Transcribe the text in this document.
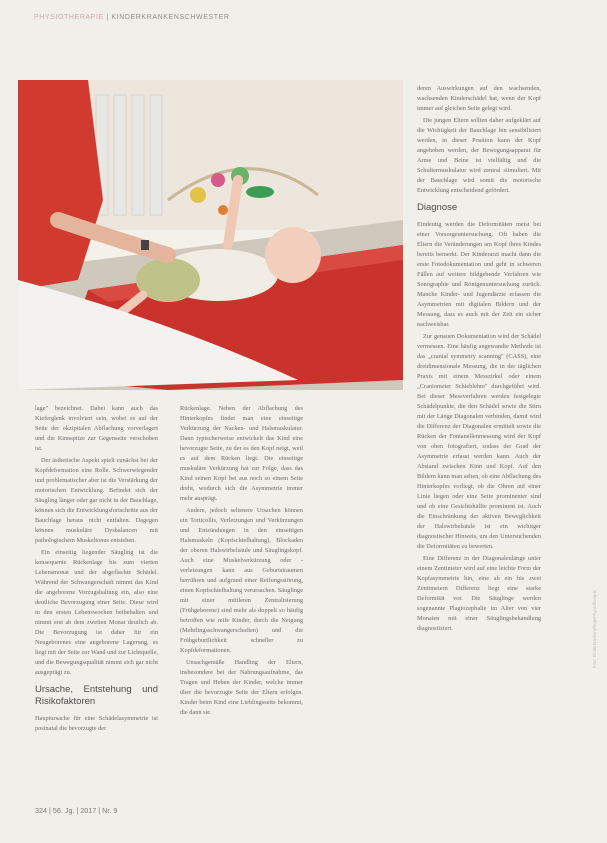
PHYSIOTHERAPIE | KINDERKRANKENSCHWESTER

lage" bezeichnet. Dabei kann auch das Kieferglenk involviert sein, wobei es auf der Seite der okzipitalen Abflachung vorverlagert und die Kinnspitze zur Gegenseite verschoben ist.

Der ästhetische Aspekt spielt zunächst bei der Kopfdeformation eine Rolle. Schwerwiegender und problematischer aber ist die Verstärkung der motorischen Entwicklung. Befindet sich der Säugling länger oder gar nicht in der Bauchlage, können sich die Entwicklungsfortschritte aus der Bauchlage heraus nicht entfalten. Dagegen können muskuläre Dysbalancen mit pathologischem Muskeltonus entstehen.

Ein einseitig liegender Säugling ist die konsequente Rückenlage bis zum vierten Lebensmonat und der abgeflachte Schädel. Während der Schwangerschaft nimmt das Kind die angeborene Vorzugshaltung ein, also eine deutliche Bevorzugung einer Seite. Diese wird in den ersten Lebenswochen beibehalten und nimmt erst ab dem zweiten Monat deutlich ab. Die Bevorzugung ist daher für ein Neugeborenes eine angeborene Lagerung, es liegt mit der Seite zur Wand und zur Lichtquelle, und die Bewegungsqualität nimmt sich gar nicht ausgeprägt zu.

Ursache, Entstehung und Risikofaktoren

Hauptursache für eine Schädelasymmetrie ist postnatal die bevorzugte der

Rückenlage. Neben der Abflachung des Hinterkopfes findet man eine einseitige Verkürzung der Nacken- und Halsmuskulatur. Dann typischerweise entwickelt das Kind eine bevorzugte Seite, zu der es den Kopf neigt, weil es auf dem Rücken liegt. Die einseitige muskuläre Verkürzung hat zur Folge, dass das Kind seinen Kopf bei aus noch so einem Seite dreht, wodurch sich die Asymmetrie immer mehr ausprägt.

Andere, jedoch seltenere Ursachen können ein Torticollis, Verletzungen und Verkürzungen und Entzündungen in den einseitigen Halsmuskeln (Kopfschiefhaltung), Blockaden der oberen Halswirbelsäule und Säuglingskopf. Auch eine Muskelverkürzung oder -verletzungen kann aus Geburtstraumen herrühren und aufgrund einer Reifungsstörung, einen Kopfschiefhaltung verursachen. Säuglinge mit einer mittleren Zentralisierung (Frühgeborene) sind mehr als doppelt so häufig betroffen wie reife Kinder, durch die Neigung (Mehrlingsschwangerschaften) und die Frühgeburtlichkeit schneller zu Kopfdeformationen.

Unsachgemäße Handling der Eltern, insbesondere bei der Nahrungsaufnahme, das Tragen und Heben der Kinder, welche immer über die bevorzugte Seite der Eltern erfolgen. Kinder beim Kind eine Lieblingsseite bekommt, die dann sie.

deren Auswirkungen auf den wachsenden, wachsenden Kinderschädel hat, wenn der Kopf immer auf gleichen Seite gelegt wird.

Die jungen Eltern sollten daher aufgeklärt auf die Wichtigkeit der Bauchlage hin sensibilisiert werden, in dieser Position kann der Kopf angehoben werden, der Bewegungsapparat für Arme und Beine ist vielfältig und die Schultermuskulatur wird zentral stimuliert. Mit der Bauchlage wird somit die motorische Entwicklung entscheidend gefördert.

Diagnose

Eindeutig werden die Deformitäten meist bei einer Vorsorgeuntersuchung. Oft haben die Eltern die Veränderungen am Kopf ihres Kindes bereits bemerkt. Der Kinderarzt macht dann die erste Fotodokumentation und geht in schweren Fällen auf weitere bildgebende Verfahren wie Sonographie und Röntgenuntersuchung zurück. Manche Kinder- und Jugendärzte erfassen die Asymmetrien mit digitalen Bildern und der Messung, dass es auch mit der Zeit ein sicher nachweisbar.

Zur genauen Dokumentation wird der Schädel vermessen. Eine häufig angewandte Methode ist das „cranial symmetry scanning" (CASS), eine dreidimensionale Messung, die in der täglichen Praxis mit einem Messzirkel oder einem „Craniometer Schieblehre" durchgeführt wird. Bei dieser Messverfahren werden festgelegte Schädelpunkte, die den Schädel sowie die Stirn mit der Länge Diagonalen verbinden, damit wird die Differenz der Diagonalen ermittelt sowie die Rücken der Fontanellenmessung wird der Kopf von oben fotografiert, sodass der Grad der Asymmetrie erfasst werden kann. Auch der Abstand zwischen Kinn und Kopf. Auf den Bildern kann man sehen, ob eine Abflachung des Hinterkopfes vorliegt, ob die Ohren auf einer Linie liegen oder eine Seite prominenter sind und ob eine Gesichtshälfte prominent ist. Auch die Einschränkung der aktiven Beweglichkeit der Halswirbelsäule ist ein wichtiger diagnostischer Hinweis, um den Untersuchenden die Deformitäten zu bewerten.

Eine Differenz in der Diagonalenlänge unter einem Zentimeter wird auf eine leichte Form der Kopfasymmetrie hin, eine ab ein bis zwei Zentimetern Differenz liegt eine starke Deformität vor. Die Säuglinge werden sogenannte Plagiozephalie im Alter von vier Monaten mit einer Säuglingsbehandlung diagnostiziert.

324 | 56. Jg. | 2017 | Nr. 9
Foto: Kinderkrankenpflege/Physiotherapie
